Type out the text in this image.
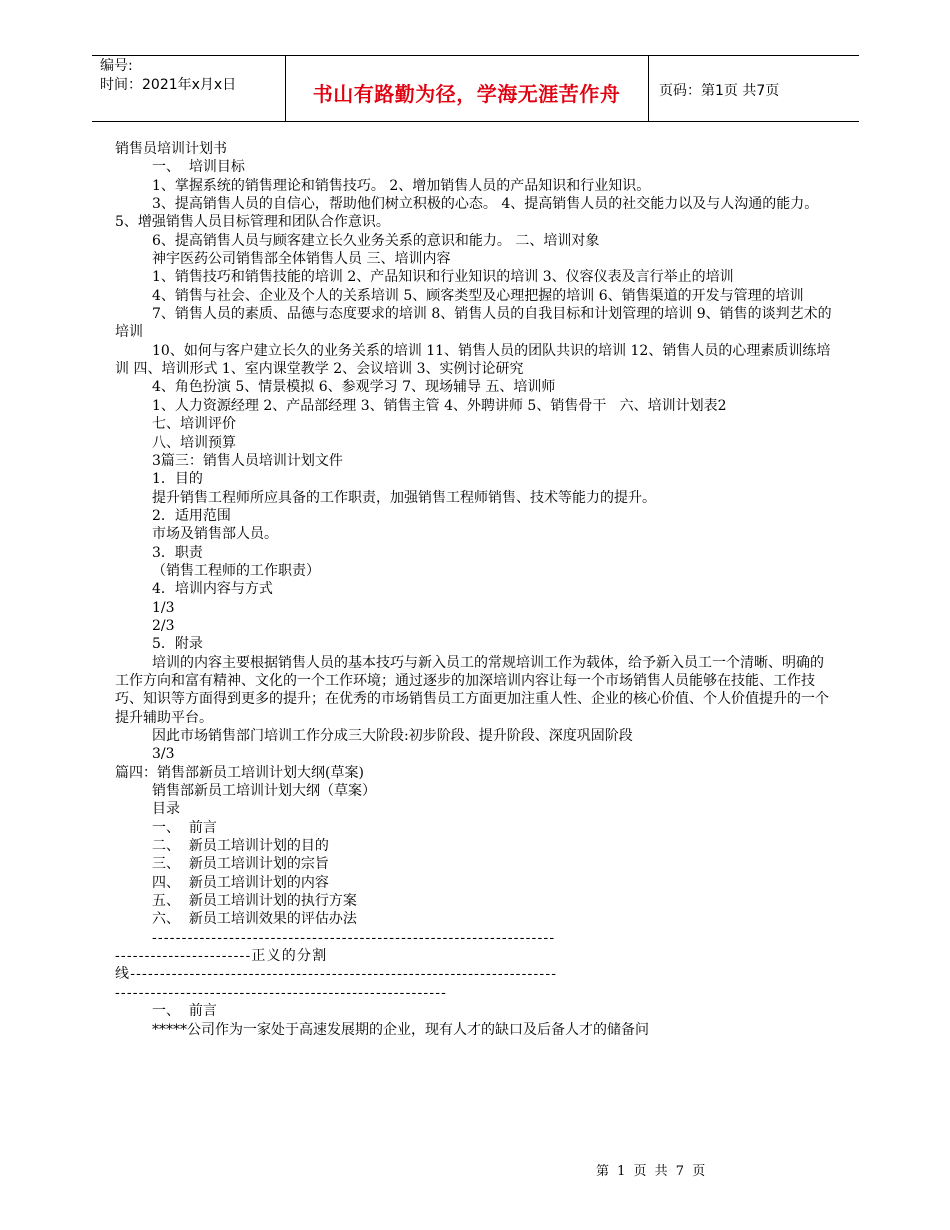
编号:
时间：2021年x月x日	书山有路勤为径，学海无涯苦作舟	页码：第1页 共7页

销售员培训计划书

一、  培训目标

1、掌握系统的销售理论和销售技巧。 2、增加销售人员的产品知识和行业知识。

3、提高销售人员的自信心，帮助他们树立积极的心态。 4、提高销售人员的社交能力以及与人沟通的能力。 5、增强销售人员目标管理和团队合作意识。

6、提高销售人员与顾客建立长久业务关系的意识和能力。 二、培训对象

神宇医药公司销售部全体销售人员 三、培训内容

1、销售技巧和销售技能的培训 2、产品知识和行业知识的培训 3、仪容仪表及言行举止的培训

4、销售与社会、企业及个人的关系培训 5、顾客类型及心理把握的培训 6、销售渠道的开发与管理的培训

7、销售人员的素质、品德与态度要求的培训 8、销售人员的自我目标和计划管理的培训 9、销售的谈判艺术的培训

10、如何与客户建立长久的业务关系的培训 11、销售人员的团队共识的培训 12、销售人员的心理素质训练培训 四、培训形式 1、室内课堂教学 2、会议培训 3、实例讨论研究

4、角色扮演 5、情景模拟 6、参观学习 7、现场辅导 五、培训师

1、人力资源经理 2、产品部经理 3、销售主管 4、外聘讲师 5、销售骨干   六、培训计划表2

七、培训评价

八、培训预算

3篇三：销售人员培训计划文件

1．目的

提升销售工程师所应具备的工作职责，加强销售工程师销售、技术等能力的提升。

2．适用范围

市场及销售部人员。

3．职责

（销售工程师的工作职责）

4．培训内容与方式

1/3

2/3

5．附录

培训的内容主要根据销售人员的基本技巧与新入员工的常规培训工作为载体，给予新入员工一个清晰、明确的工作方向和富有精神、文化的一个工作环境；通过逐步的加深培训内容让每一个市场销售人员能够在技能、工作技巧、知识等方面得到更多的提升；在优秀的市场销售员工方面更加注重人性、企业的核心价值、个人价值提升的一个提升辅助平台。

因此市场销售部门培训工作分成三大阶段:初步阶段、提升阶段、深度巩固阶段

3/3

篇四：销售部新员工培训计划大纲(草案)

销售部新员工培训计划大纲（草案）

目录

一、  前言

二、  新员工培训计划的目的

三、  新员工培训计划的宗旨

四、  新员工培训计划的内容

五、  新员工培训计划的执行方案

六、  新员工培训效果的评估办法

--------------------------------------------------------------------

-----------------------正义的分割

线------------------------------------------------------------------------

--------------------------------------------------------

一、  前言

*****公司作为一家处于高速发展期的企业，现有人才的缺口及后备人才的储备问

第 1 页 共 7 页
